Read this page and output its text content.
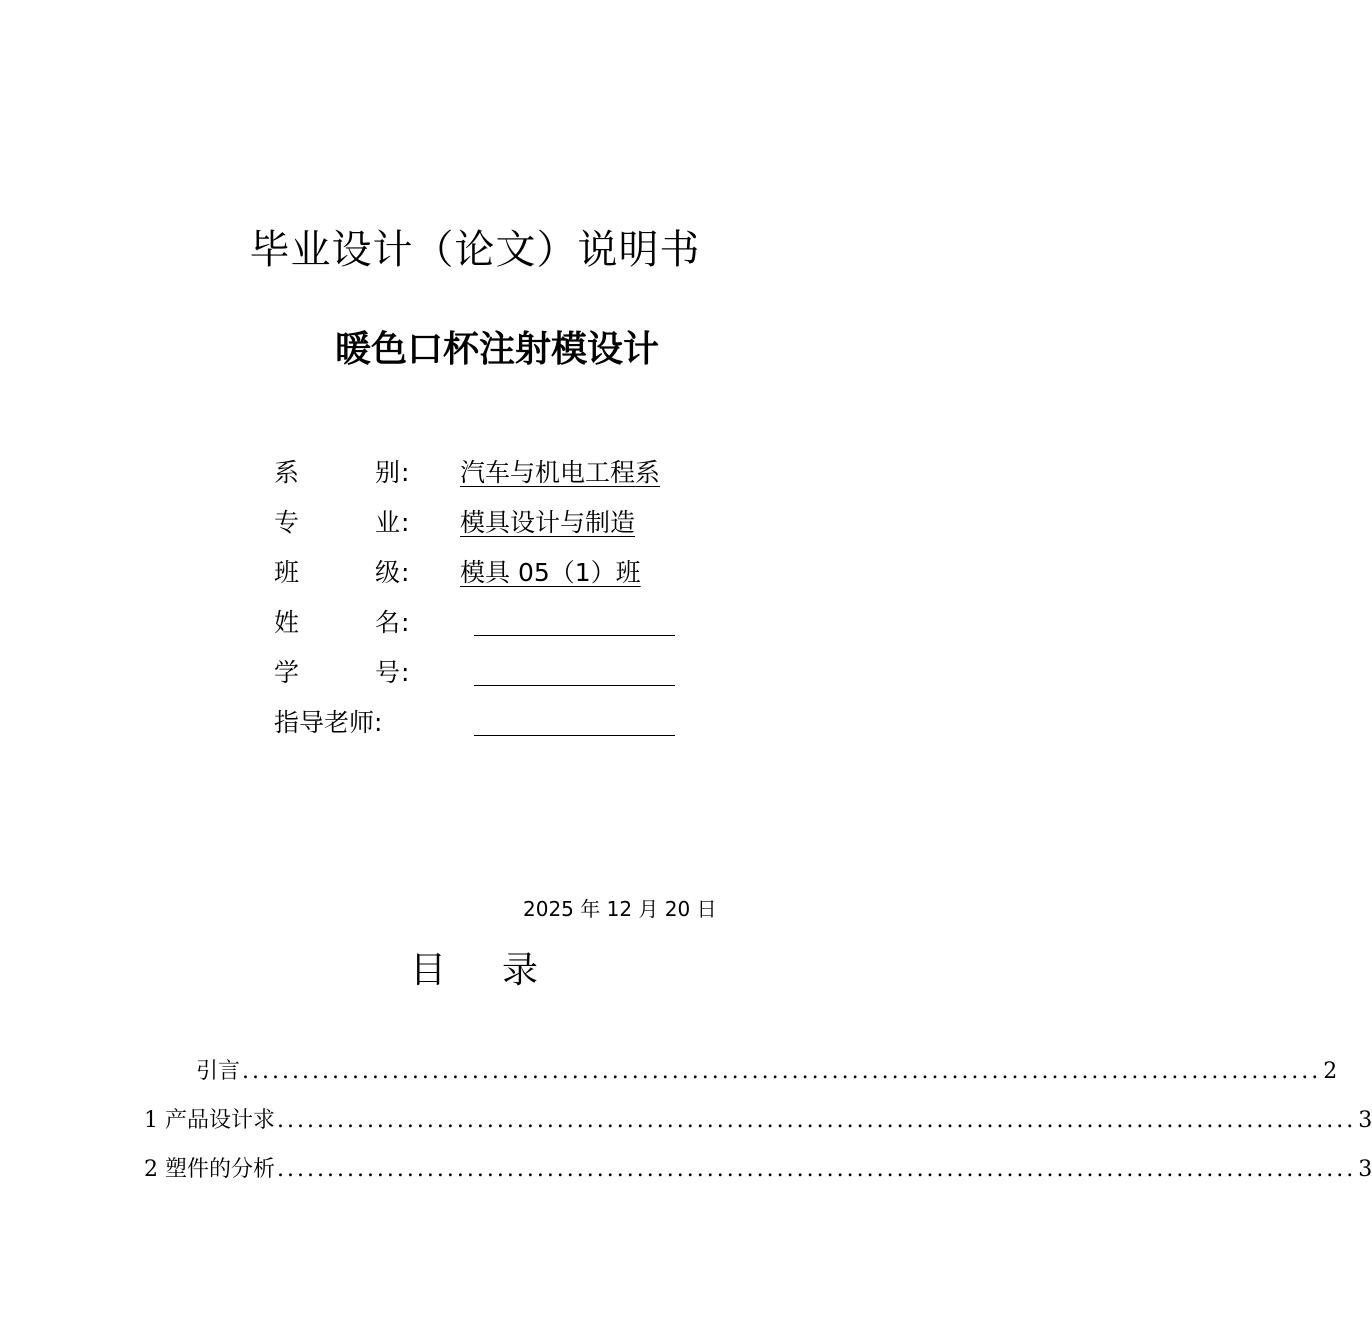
毕业设计（论文）说明书
暖色口杯注射模设计
系	别 : 汽车与机电工程系
专	业 : 模具设计与制造
班	级 : 模具 05（1）班
姓	名 :
学	号 :
指导老师:
2025 年 12 月 20 日
目 录
引言 ............................................................................................................ 2
1 产品设计求 ............................................................................................................ 3
2 塑件的分析 ............................................................................................................ 3
